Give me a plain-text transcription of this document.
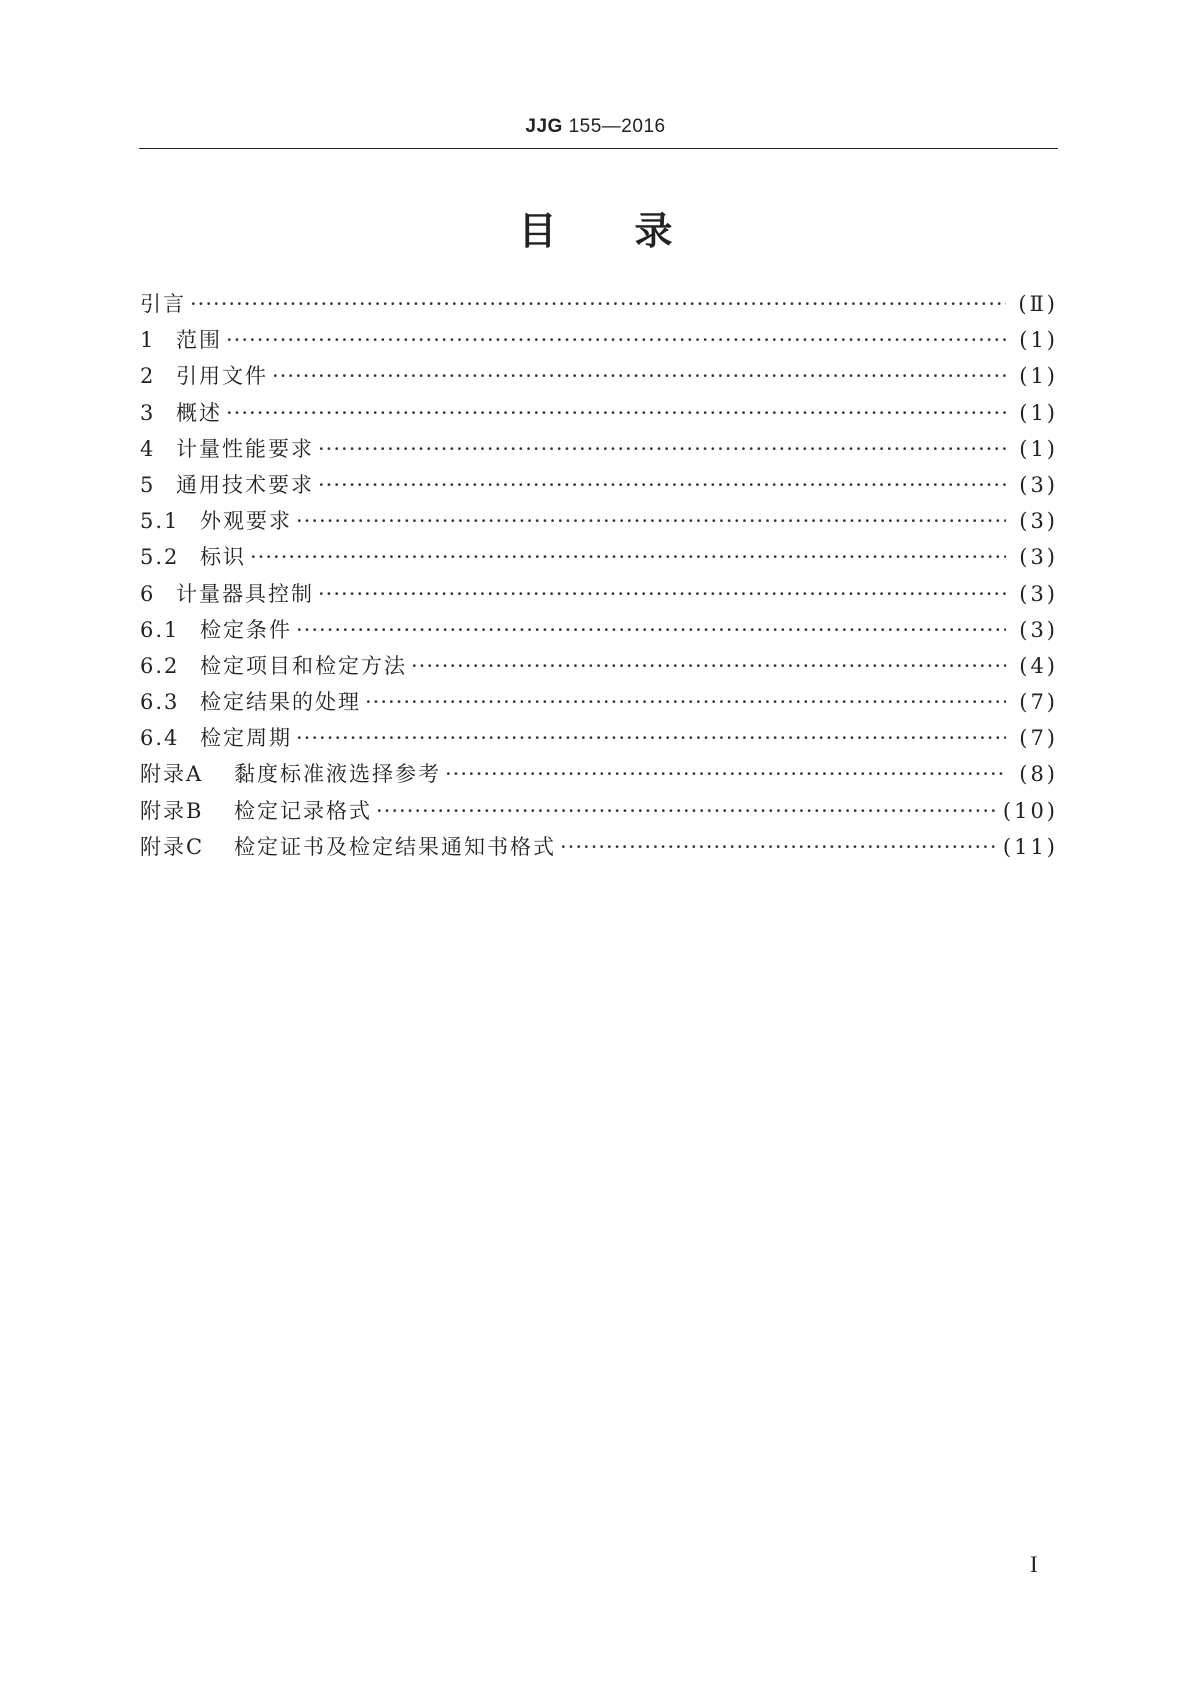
JJG 155—2016
目录
引言 ·····	(Ⅱ)
1 范围 ·····	(1)
2 引用文件 ·····	(1)
3 概述 ·····	(1)
4 计量性能要求 ·····	(1)
5 通用技术要求 ·····	(3)
5.1 外观要求 ·····	(3)
5.2 标识 ·····	(3)
6 计量器具控制 ·····	(3)
6.1 检定条件 ·····	(3)
6.2 检定项目和检定方法 ·····	(4)
6.3 检定结果的处理 ·····	(7)
6.4 检定周期 ·····	(7)
附录A	黏度标准液选择参考 ·····	(8)
附录B	检定记录格式 ·····	(10)
附录C	检定证书及检定结果通知书格式 ·····	(11)
I
